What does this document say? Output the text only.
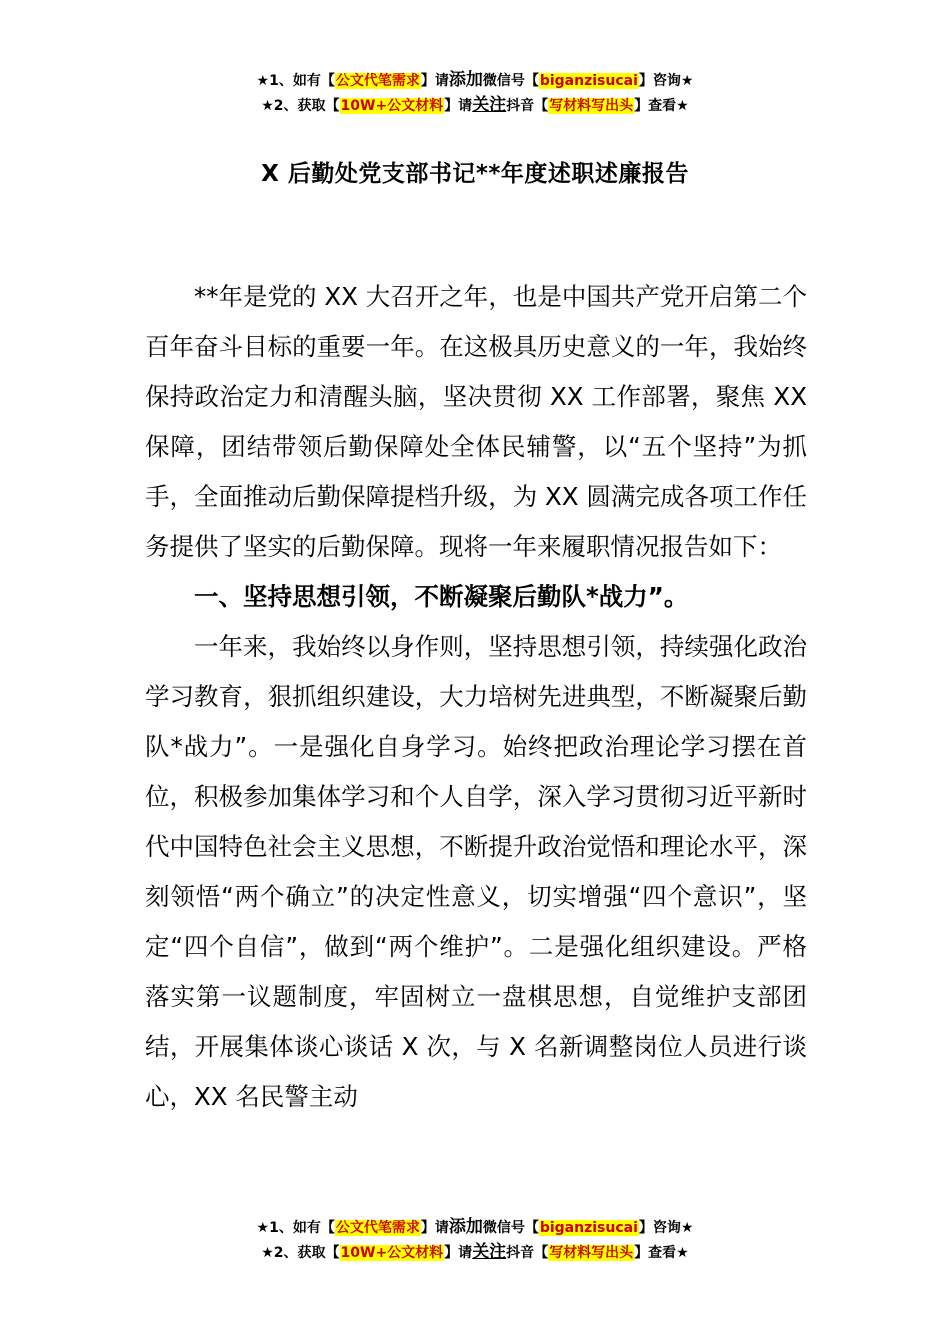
★1、如有【公文代笔需求】请添加微信号【biganzisucai】咨询★
★2、获取【10W+公文材料】请关注抖音【写材料写出头】查看★
X 后勤处党支部书记**年度述职述廉报告

**年是党的 XX 大召开之年，也是中国共产党开启第二个百年奋斗目标的重要一年。在这极具历史意义的一年，我始终保持政治定力和清醒头脑，坚决贯彻 XX 工作部署，聚焦 XX 保障，团结带领后勤保障处全体民辅警，以“五个坚持”为抓手，全面推动后勤保障提档升级，为 XX 圆满完成各项工作任务提供了坚实的后勤保障。现将一年来履职情况报告如下：

一、坚持思想引领，不断凝聚后勤队*战力”。

一年来，我始终以身作则，坚持思想引领，持续强化政治学习教育，狠抓组织建设，大力培树先进典型，不断凝聚后勤队*战力”。一是强化自身学习。始终把政治理论学习摆在首位，积极参加集体学习和个人自学，深入学习贯彻习近平新时代中国特色社会主义思想，不断提升政治觉悟和理论水平，深刻领悟“两个确立”的决定性意义，切实增强“四个意识”，坚定“四个自信”，做到“两个维护”。二是强化组织建设。严格落实第一议题制度，牢固树立一盘棋思想，自觉维护支部团结，开展集体谈心谈话 X 次，与 X 名新调整岗位人员进行谈心，XX 名民警主动

★1、如有【公文代笔需求】请添加微信号【biganzisucai】咨询★
★2、获取【10W+公文材料】请关注抖音【写材料写出头】查看★
